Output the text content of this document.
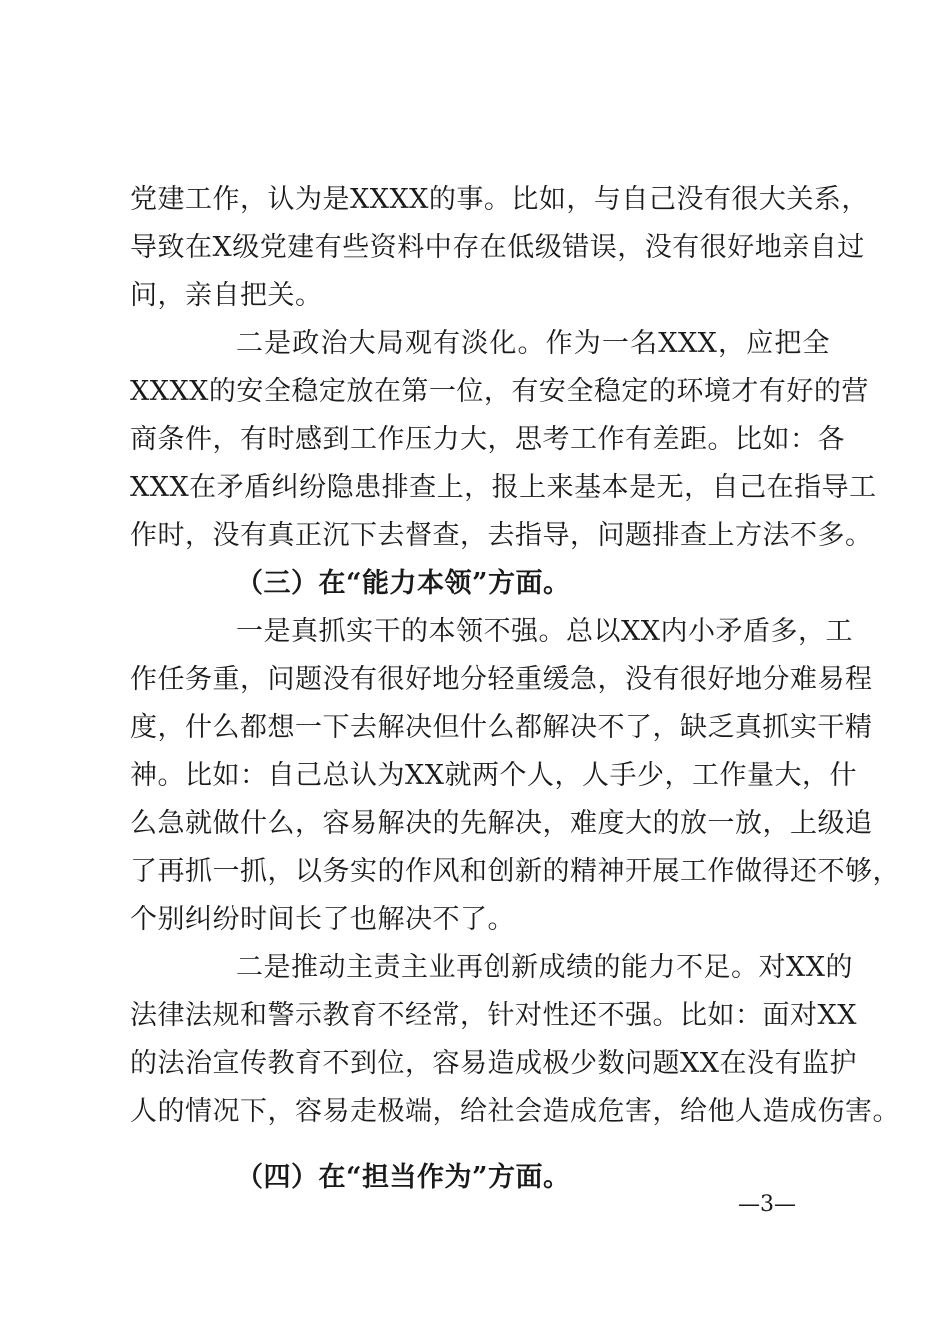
党建工作，认为是XXXX的事。比如，与自己没有很大关系，
导致在X级党建有些资料中存在低级错误，没有很好地亲自过
问，亲自把关。
二是政治大局观有淡化。作为一名XXX，应把全
XXXX的安全稳定放在第一位，有安全稳定的环境才有好的营
商条件，有时感到工作压力大，思考工作有差距。比如：各
XXX在矛盾纠纷隐患排查上，报上来基本是无，自己在指导工
作时，没有真正沉下去督查，去指导，问题排查上方法不多。
（三）在“能力本领”方面。
一是真抓实干的本领不强。总以XX内小矛盾多，工
作任务重，问题没有很好地分轻重缓急，没有很好地分难易程
度，什么都想一下去解决但什么都解决不了，缺乏真抓实干精
神。比如：自己总认为XX就两个人，人手少，工作量大，什
么急就做什么，容易解决的先解决，难度大的放一放，上级追
了再抓一抓，以务实的作风和创新的精神开展工作做得还不够，
个别纠纷时间长了也解决不了。
二是推动主责主业再创新成绩的能力不足。对XX的
法律法规和警示教育不经常，针对性还不强。比如：面对XX
的法治宣传教育不到位，容易造成极少数问题XX在没有监护
人的情况下，容易走极端，给社会造成危害，给他人造成伤害。
（四）在“担当作为”方面。
—3—
